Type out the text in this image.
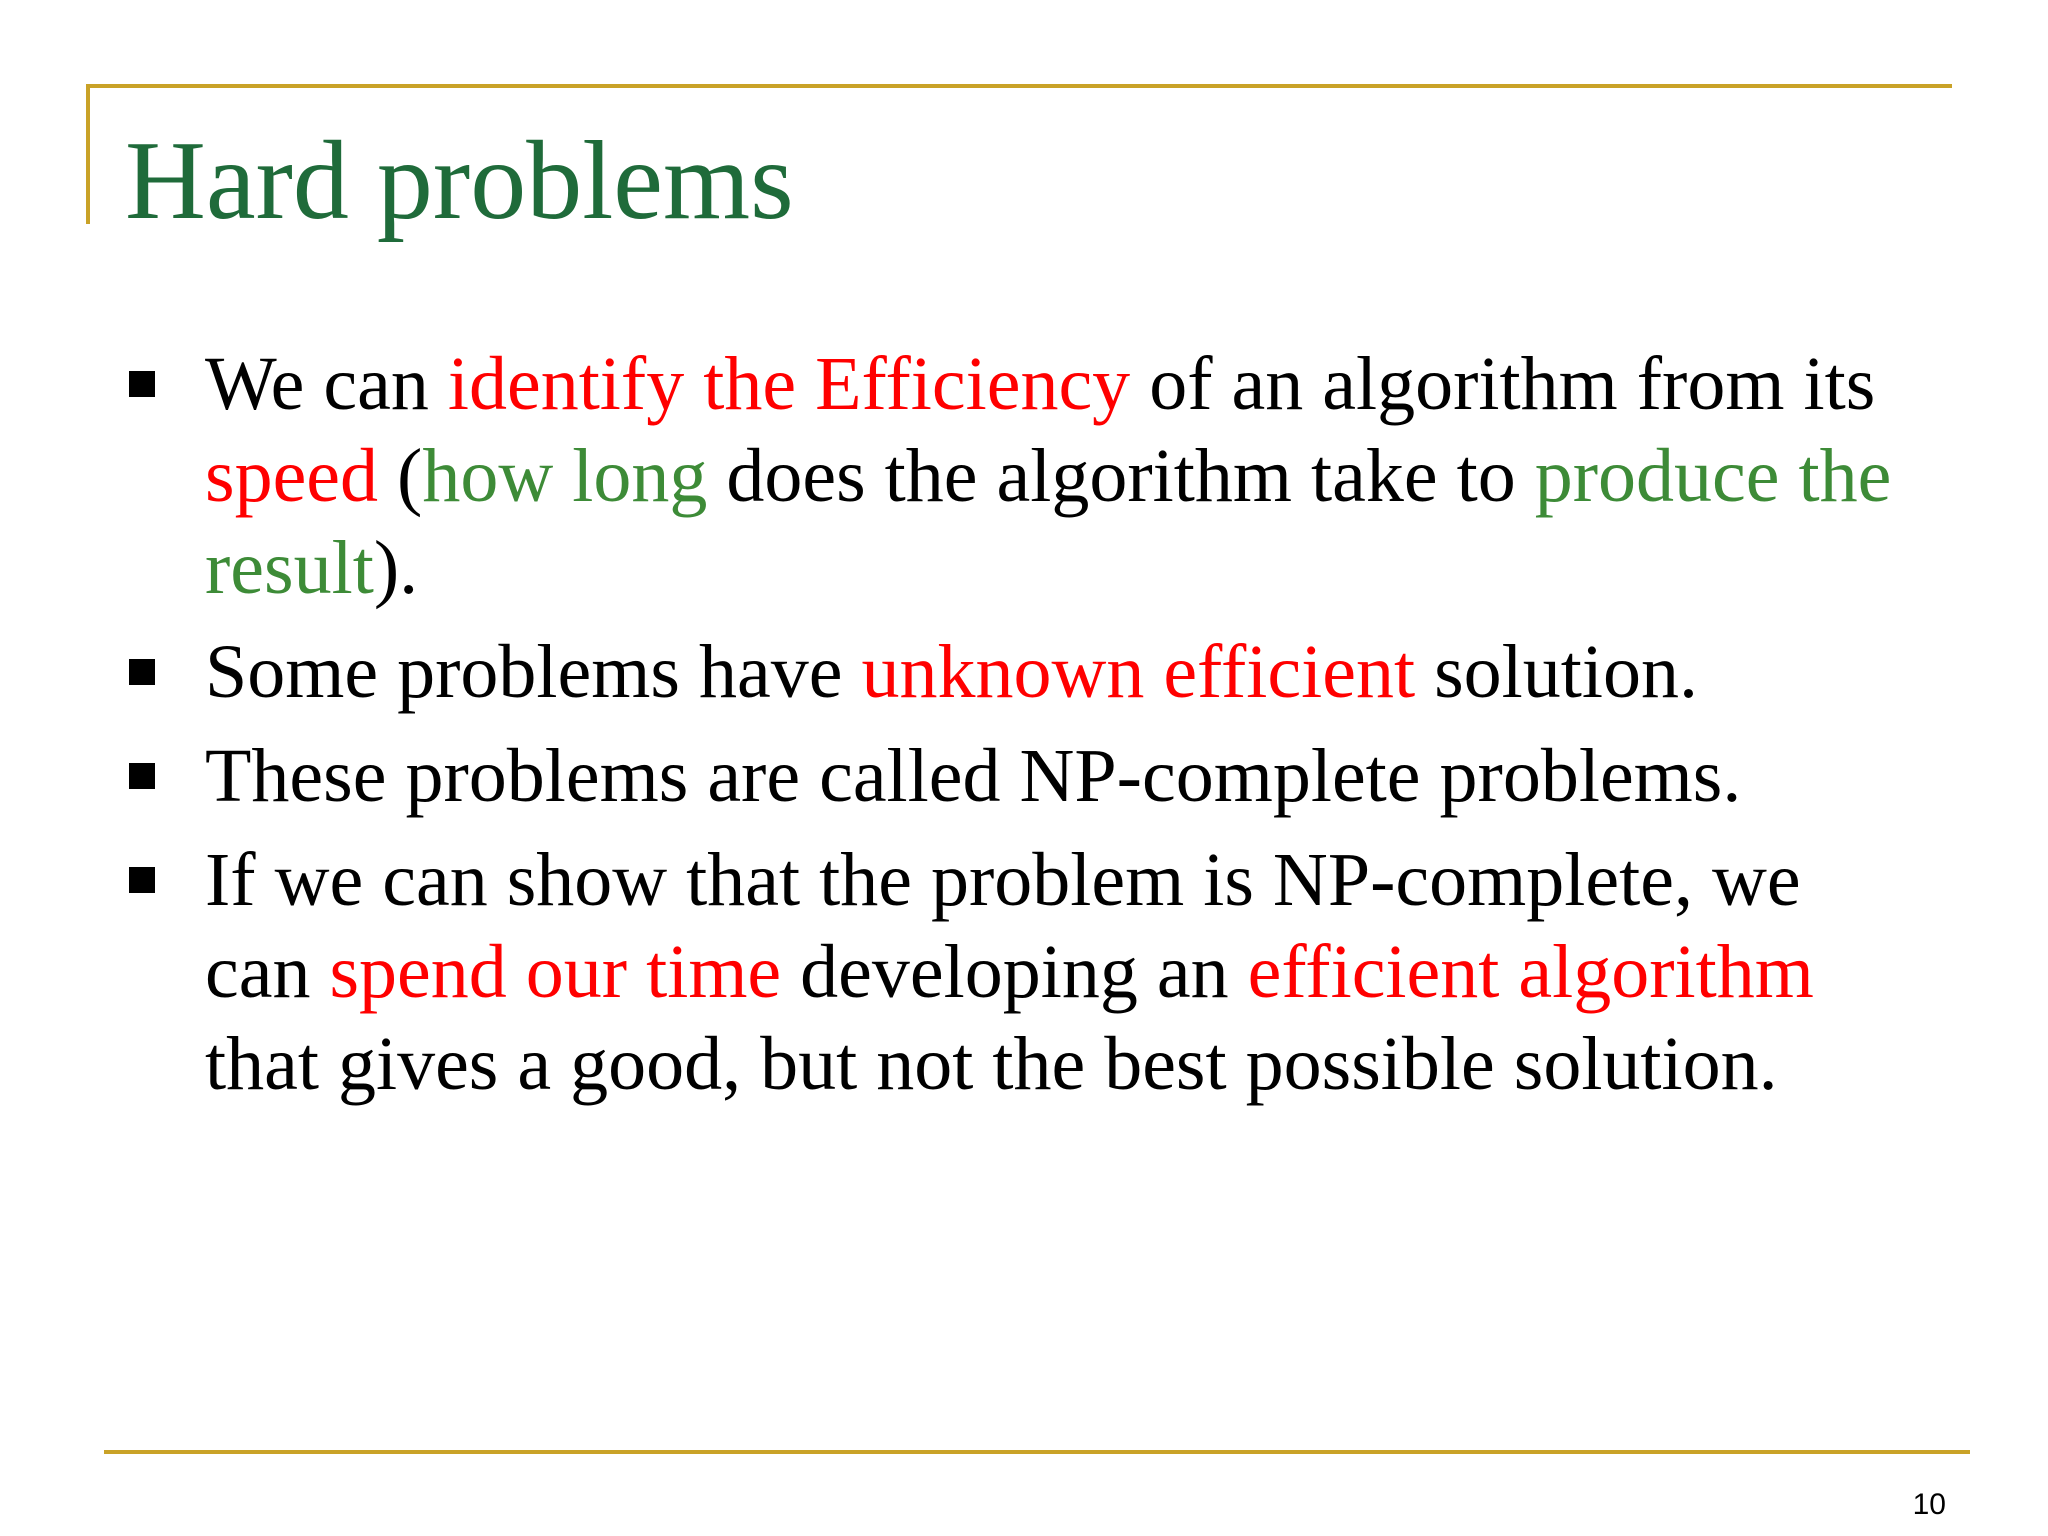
Hard problems
We can identify the Efficiency of an algorithm from its speed (how long does the algorithm take to produce the result).
Some problems have unknown efficient solution.
These problems are called NP-complete problems.
If we can show that the problem is NP-complete, we can spend our time developing an efficient algorithm that gives a good, but not the best possible solution.
10
